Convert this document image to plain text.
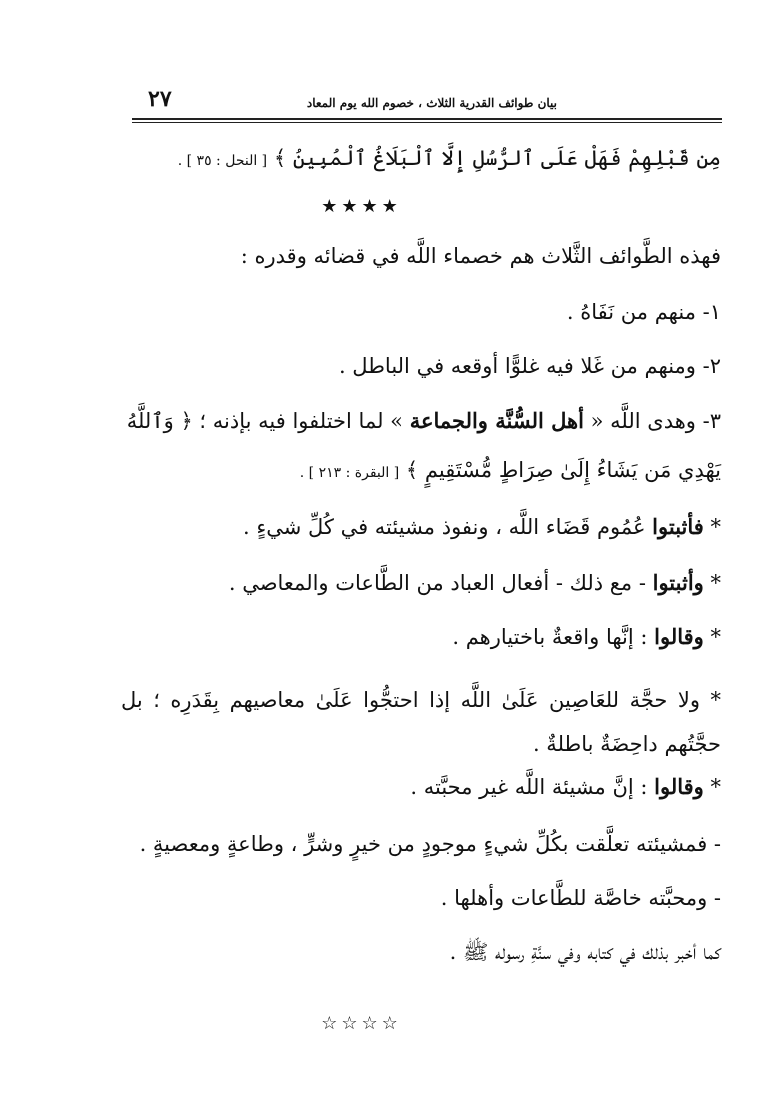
بيان طوائف القدرية الثلاث ، خصوم الله يوم المعاد
٢٧
مِن قَبْلِهِمْ فَهَلْ عَلَى ٱلرُّسُلِ إِلَّا ٱلْبَلَاغُ ٱلْمُبِينُ ﴾ [ النحل : ٣٥ ] .
★★★★
فهذه الطَّوائف الثَّلاث هم خصماء اللَّه في قضائه وقدره :
١- منهم من نَفَاهُ .
٢- ومنهم من غَلا فيه غلوًّا أوقعه في الباطل .
٣- وهدى اللَّه « أهل السُّنَّة والجماعة » لما اختلفوا فيه بإذنه ؛ ﴿ وَٱللَّهُ
يَهْدِي مَن يَشَاءُ إِلَىٰ صِرَاطٍ مُّسْتَقِيمٍ ﴾ [ البقرة : ٢١٣ ] .
* فأثبتوا عُمُوم قَضَاء اللَّه ، ونفوذ مشيئته في كُلِّ شيءٍ .
* وأثبتوا - مع ذلك - أفعال العباد من الطَّاعات والمعاصي .
* وقالوا : إنَّها واقعةٌ باختيارهم .
* ولا حجَّة للعَاصِين عَلَىٰ اللَّه إذا احتجُّوا عَلَىٰ معاصيهم بِقَدَرِه ؛ بل حجَّتُهم داحِضَةٌ باطلةٌ .
* وقالوا : إنَّ مشيئة اللَّه غير محبَّته .
- فمشيئته تعلَّقت بكُلِّ شيءٍ موجودٍ من خيرٍ وشرٍّ ، وطاعةٍ ومعصيةٍ .
- ومحبَّته خاصَّة للطَّاعات وأهلها .
كما أخبر بذلك في كتابه وفي سنَّةِ رسوله ﷺ .
☆☆☆☆
